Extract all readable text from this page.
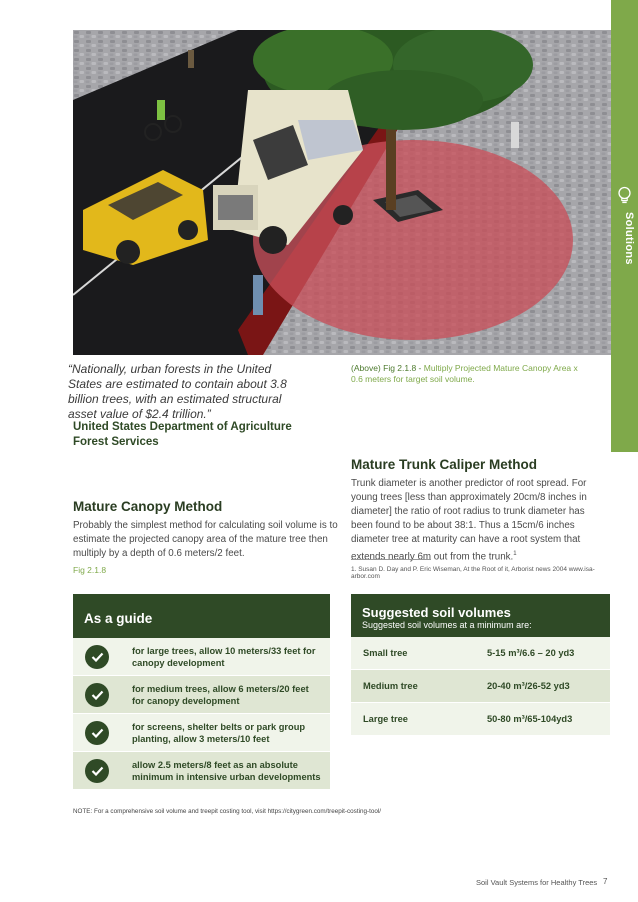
Solutions
“Nationally, urban forests in the United States are estimated to contain about 3.8 billion trees, with an estimated structural asset value of $2.4 trillion.”
United States Department of Agriculture Forest Services
(Above) Fig 2.1.8 - Multiply Projected Mature Canopy Area x 0.6 meters for target soil volume.
Mature Canopy Method

Probably the simplest method for calculating soil volume is to estimate the projected canopy area of the mature tree then multiply by a depth of 0.6 meters/2 feet.

Fig 2.1.8
Mature Trunk Caliper Method

Trunk diameter is another predictor of root spread. For young trees [less than approximately 20cm/8 inches in diameter] the ratio of root radius to trunk diameter has been found to be about 38:1. Thus a 15cm/6 inches diameter tree at maturity can have a root system that extends nearly 6m out from the trunk.$^1$

1. Susan D. Day and P. Eric Wiseman, At the Root of it, Arborist news 2004 www.isa-arbor.com
As a guide
for large trees, allow 10 meters/33 feet for canopy development
for medium trees, allow 6 meters/20 feet for canopy development
for screens, shelter belts or park group planting, allow 3 meters/10 feet
allow 2.5 meters/8 feet as an absolute minimum in intensive urban developments
Suggested soil volumes
Suggested soil volumes at a minimum are:
Small tree	5-15 m³/6.6 – 20 yd3
Medium tree	20-40 m³/26-52 yd3
Large tree	50-80 m³/65-104yd3
NOTE: For a comprehensive soil volume and treepit costing tool, visit https://citygreen.com/treepit-costing-tool/
Soil Vault Systems for Healthy Trees 7
